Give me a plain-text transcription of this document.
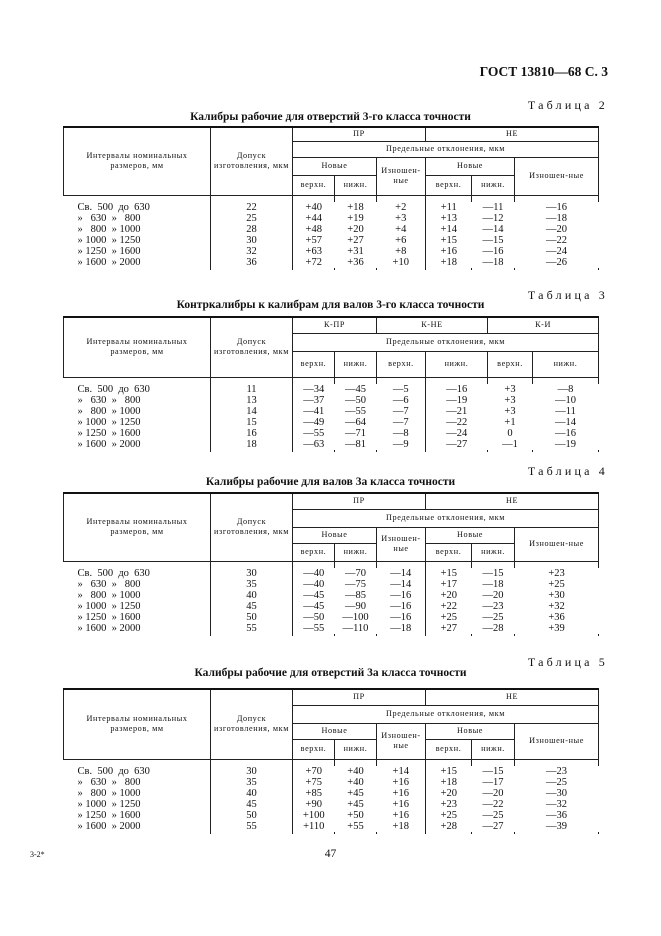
ГОСТ 13810—68 С. 3
Таблица 2
Калибры рабочие для отверстий 3-го класса точности
Интервалы номинальных размеров, мм	Допуск изготовления, мкм	ПР			НЕ		
		Предельные отклонения, мкм					
		Новые		Изношен-ные	Новые		Изношен-ные
		верхн.	нижн.		верхн.	нижн.	

Св.  500  до  630	22	+40	+18	+2	+11	—11	—16
»   630  »   800	25	+44	+19	+3	+13	—12	—18
»   800  » 1000	28	+48	+20	+4	+14	—14	—20
» 1000  » 1250	30	+57	+27	+6	+15	—15	—22
» 1250  » 1600	32	+63	+31	+8	+16	—16	—24
» 1600  » 2000	36	+72	+36	+10	+18	—18	—26

Таблица 3
Контркалибры к калибрам для валов 3-го класса точности
Интервалы номинальных размеров, мм	Допуск изготовления, мкм	К-ПР		К-НЕ		К-И	
		Предельные отклонения, мкм					
		верхн.	нижн.	верхн.	нижн.	верхн.	нижн.

Св.  500  до  630	11	—34	—45	—5	—16	+3	—8
»   630  »   800	13	—37	—50	—6	—19	+3	—10
»   800  » 1000	14	—41	—55	—7	—21	+3	—11
» 1000  » 1250	15	—49	—64	—7	—22	+1	—14
» 1250  » 1600	16	—55	—71	—8	—24	0	—16
» 1600  » 2000	18	—63	—81	—9	—27	—1	—19

Таблица 4
Калибры рабочие для валов 3а класса точности
Интервалы номинальных размеров, мм	Допуск изготовления, мкм	ПР			НЕ		
		Предельные отклонения, мкм					
		Новые		Изношен-ные	Новые		Изношен-ные
		верхн.	нижн.		верхн.	нижн.	

Св.  500  до  630	30	—40	—70	—14	+15	—15	+23
»   630  »   800	35	—40	—75	—14	+17	—18	+25
»   800  » 1000	40	—45	—85	—16	+20	—20	+30
» 1000  » 1250	45	—45	—90	—16	+22	—23	+32
» 1250  » 1600	50	—50	—100	—16	+25	—25	+36
» 1600  » 2000	55	—55	—110	—18	+27	—28	+39

Таблица 5
Калибры рабочие для отверстий 3а класса точности
Интервалы номинальных размеров, мм	Допуск изготовления, мкм	ПР			НЕ		
		Предельные отклонения, мкм					
		Новые		Изношен-ные	Новые		Изношен-ные
		верхн.	нижн.		верхн.	нижн.	

Св.  500  до  630	30	+70	+40	+14	+15	—15	—23
»   630  »   800	35	+75	+40	+16	+18	—17	—25
»   800  » 1000	40	+85	+45	+16	+20	—20	—30
» 1000  » 1250	45	+90	+45	+16	+23	—22	—32
» 1250  » 1600	50	+100	+50	+16	+25	—25	—36
» 1600  » 2000	55	+110	+55	+18	+28	—27	—39

3-2*	47
